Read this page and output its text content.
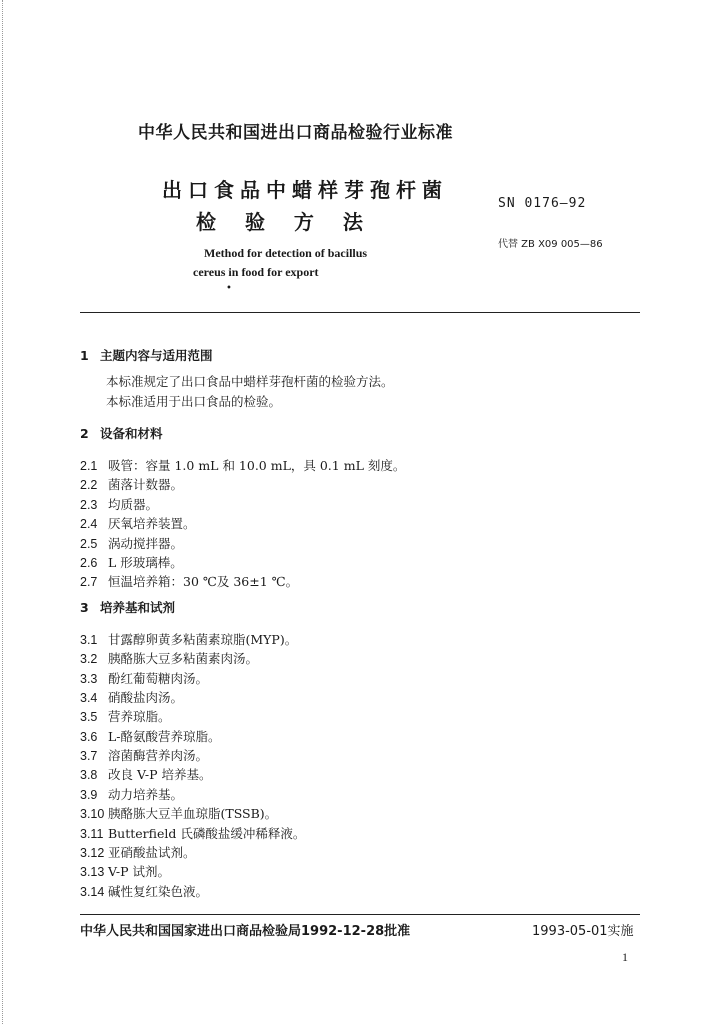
中华人民共和国进出口商品检验行业标准
出口食品中蜡样芽孢杆菌
检 验 方 法
SN 0176—92
代替 ZB X09 005—86
Method for detection of bacillus
cereus in food for export
•
1 主题内容与适用范围
本标准规定了出口食品中蜡样芽孢杆菌的检验方法。
本标准适用于出口食品的检验。
2 设备和材料
2.1 吸管：容量 1.0 mL 和 10.0 mL，具 0.1 mL 刻度。
2.2 菌落计数器。
2.3 均质器。
2.4 厌氧培养装置。
2.5 涡动搅拌器。
2.6 L 形玻璃棒。
2.7 恒温培养箱：30 ℃及 36±1 ℃。
3 培养基和试剂
3.1 甘露醇卵黄多粘菌素琼脂(MYP)。
3.2 胰酪胨大豆多粘菌素肉汤。
3.3 酚红葡萄糖肉汤。
3.4 硝酸盐肉汤。
3.5 营养琼脂。
3.6 L-酪氨酸营养琼脂。
3.7 溶菌酶营养肉汤。
3.8 改良 V-P 培养基。
3.9 动力培养基。
3.10 胰酪胨大豆羊血琼脂(TSSB)。
3.11 Butterfield 氏磷酸盐缓冲稀释液。
3.12 亚硝酸盐试剂。
3.13 V-P 试剂。
3.14 碱性复红染色液。
中华人民共和国国家进出口商品检验局1992-12-28批准	1993-05-01实施
1
